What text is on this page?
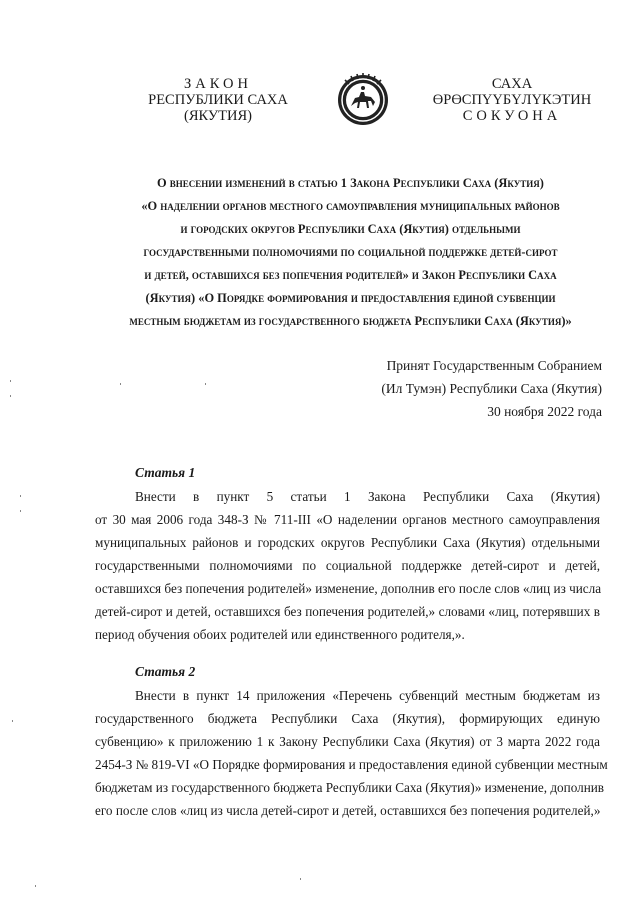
ЗАКОН
РЕСПУБЛИКИ САХА (ЯКУТИЯ)
САХА ӨРӨСПҮҮБҮЛҮКЭТИН
СОКУОНА
О внесении изменений в статью 1 Закона Республики Саха (Якутия)
«О наделении органов местного самоуправления муниципальных районов
и городских округов Республики Саха (Якутия) отдельными
государственными полномочиями по социальной поддержке детей-сирот
и детей, оставшихся без попечения родителей» и Закон Республики Саха
(Якутия) «О Порядке формирования и предоставления единой субвенции
местным бюджетам из государственного бюджета Республики Саха (Якутия)»
Принят Государственным Собранием
(Ил Тумэн) Республики Саха (Якутия)
30 ноября 2022 года
Статья 1
Внести в пункт 5 статьи 1 Закона Республики Саха (Якутия)
от 30 мая 2006 года 348-З № 711-III «О наделении органов местного самоуправления
муниципальных районов и городских округов Республики Саха (Якутия) отдельными
государственными полномочиями по социальной поддержке детей-сирот и детей,
оставшихся без попечения родителей» изменение, дополнив его после слов «лиц из числа
детей-сирот и детей, оставшихся без попечения родителей,» словами «лиц, потерявших в
период обучения обоих родителей или единственного родителя,».
Статья 2
Внести в пункт 14 приложения «Перечень субвенций местным бюджетам из
государственного бюджета Республики Саха (Якутия), формирующих единую
субвенцию» к приложению 1 к Закону Республики Саха (Якутия) от 3 марта 2022 года
2454-З № 819-VI «О Порядке формирования и предоставления единой субвенции местным
бюджетам из государственного бюджета Республики Саха (Якутия)» изменение, дополнив
его после слов «лиц из числа детей-сирот и детей, оставшихся без попечения родителей,»
